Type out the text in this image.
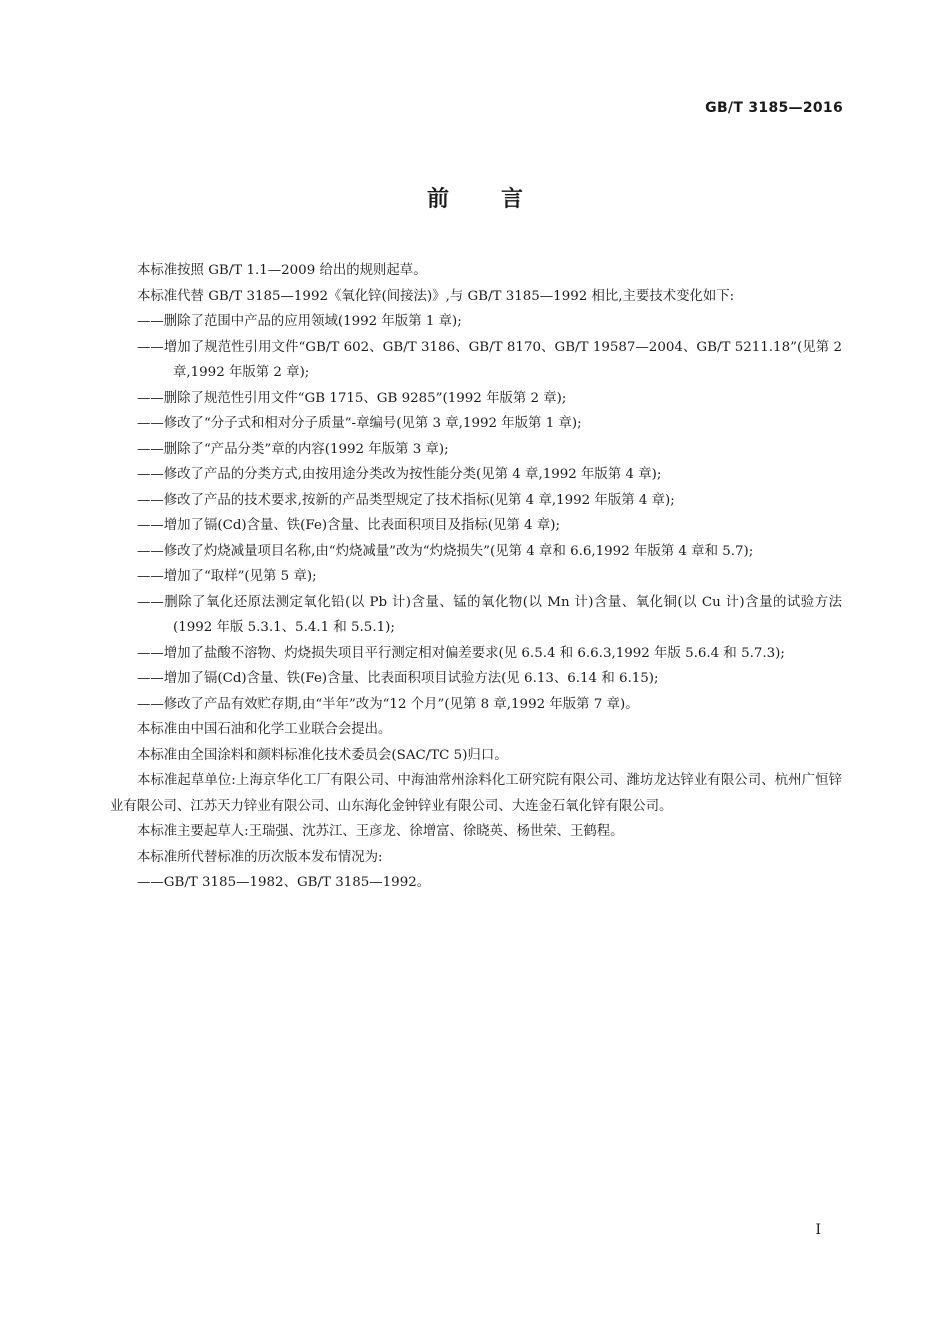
GB/T 3185—2016
前言

本标准按照 GB/T 1.1—2009 给出的规则起草。

本标准代替 GB/T 3185—1992《氧化锌(间接法)》,与 GB/T 3185—1992 相比,主要技术变化如下:

——删除了范围中产品的应用领域(1992 年版第 1 章);

——增加了规范性引用文件“GB/T 602、GB/T 3186、GB/T 8170、GB/T 19587—2004、GB/T 5211.18”(见第 2 章,1992 年版第 2 章);

——删除了规范性引用文件“GB 1715、GB 9285”(1992 年版第 2 章);

——修改了“分子式和相对分子质量”-章编号(见第 3 章,1992 年版第 1 章);

——删除了“产品分类”章的内容(1992 年版第 3 章);

——修改了产品的分类方式,由按用途分类改为按性能分类(见第 4 章,1992 年版第 4 章);

——修改了产品的技术要求,按新的产品类型规定了技术指标(见第 4 章,1992 年版第 4 章);

——增加了镉(Cd)含量、铁(Fe)含量、比表面积项目及指标(见第 4 章);

——修改了灼烧减量项目名称,由“灼烧减量”改为“灼烧损失”(见第 4 章和 6.6,1992 年版第 4 章和 5.7);

——增加了“取样”(见第 5 章);

——删除了氧化还原法测定氧化铅(以 Pb 计)含量、锰的氧化物(以 Mn 计)含量、氧化铜(以 Cu 计)含量的试验方法(1992 年版 5.3.1、5.4.1 和 5.5.1);

——增加了盐酸不溶物、灼烧损失项目平行测定相对偏差要求(见 6.5.4 和 6.6.3,1992 年版 5.6.4 和 5.7.3);

——增加了镉(Cd)含量、铁(Fe)含量、比表面积项目试验方法(见 6.13、6.14 和 6.15);

——修改了产品有效贮存期,由“半年”改为“12 个月”(见第 8 章,1992 年版第 7 章)。

本标准由中国石油和化学工业联合会提出。

本标准由全国涂料和颜料标准化技术委员会(SAC/TC 5)归口。

本标准起草单位:上海京华化工厂有限公司、中海油常州涂料化工研究院有限公司、潍坊龙达锌业有限公司、杭州广恒锌业有限公司、江苏天力锌业有限公司、山东海化金钟锌业有限公司、大连金石氧化锌有限公司。

本标准主要起草人:王瑞强、沈苏江、王彦龙、徐增富、徐晓英、杨世荣、王鹤程。

本标准所代替标准的历次版本发布情况为:

——GB/T 3185—1982、GB/T 3185—1992。

I
